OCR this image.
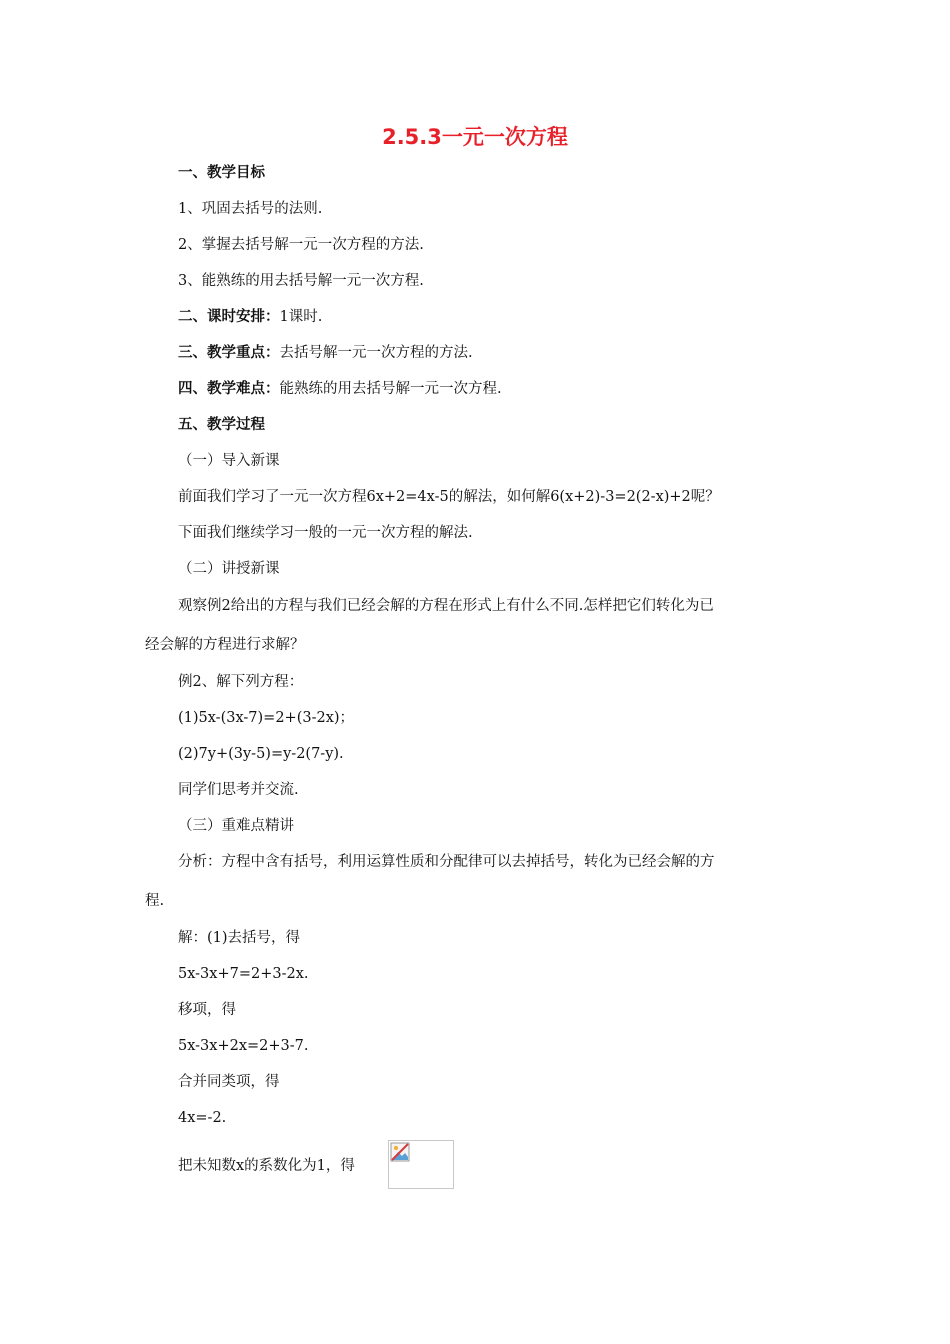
2.5.3一元一次方程
一、教学目标
1、巩固去括号的法则.
2、掌握去括号解一元一次方程的方法.
3、能熟练的用去括号解一元一次方程.
二、课时安排：1课时.
三、教学重点：去括号解一元一次方程的方法.
四、教学难点：能熟练的用去括号解一元一次方程.
五、教学过程
（一）导入新课
前面我们学习了一元一次方程6x+2=4x-5的解法，如何解6(x+2)-3=2(2-x)+2呢？
下面我们继续学习一般的一元一次方程的解法.
（二）讲授新课
观察例2给出的方程与我们已经会解的方程在形式上有什么不同.怎样把它们转化为已
经会解的方程进行求解？
例2、解下列方程：
(1)5x-(3x-7)=2+(3-2x)；
(2)7y+(3y-5)=y-2(7-y).
同学们思考并交流.
（三）重难点精讲
分析：方程中含有括号，利用运算性质和分配律可以去掉括号，转化为已经会解的方
程.
解：(1)去括号，得
5x-3x+7=2+3-2x.
移项，得
5x-3x+2x=2+3-7.
合并同类项，得
4x=-2.
把未知数x的系数化为1，得
